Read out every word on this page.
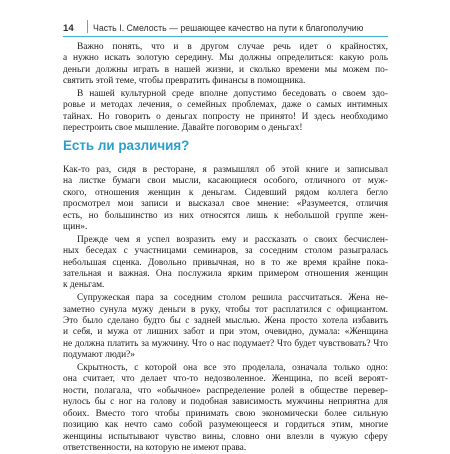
14 Часть I. Смелость — решающее качество на пути к благополучию
Важно понять, что и в другом случае речь идет о крайностях,
а нужно искать золотую середину. Мы должны определиться: какую роль
деньги должны играть в нашей жизни, и сколько времени мы можем по-
святить этой теме, чтобы превратить финансы в помощника.
В нашей культурной среде вполне допустимо беседовать о своем здо-
ровье и методах лечения, о семейных проблемах, даже о самых интимных
тайнах. Но говорить о деньгах попросту не принято! И здесь необходимо
перестроить свое мышление. Давайте поговорим о деньгах!
Есть ли различия?
Как-то раз, сидя в ресторане, я размышлял об этой книге и записывал
на листке бумаги свои мысли, касающиеся особого, отличного от муж-
ского, отношения женщин к деньгам. Сидевший рядом коллега бегло
просмотрел мои записи и высказал свое мнение: «Разумеется, отличия
есть, но большинство из них относятся лишь к небольшой группе жен-
щин».
Прежде чем я успел возразить ему и рассказать о своих бесчислен-
ных беседах с участницами семинаров, за соседним столом разыгралась
небольшая сценка. Довольно привычная, но в то же время крайне пока-
зательная и важная. Она послужила ярким примером отношения женщин
к деньгам.
Супружеская пара за соседним столом решила рассчитаться. Жена не-
заметно сунула мужу деньги в руку, чтобы тот расплатился с официантом.
Это было сделано будто бы с задней мыслью. Жена просто хотела избавить
и себя, и мужа от лишних забот и при этом, очевидно, думала: «Женщина
не должна платить за мужчину. Что о нас подумает? Что будет чувствовать? Что
подумают люди?»
Скрытность, с которой она все это проделала, означала только одно:
она считает, что делает что-то недозволенное. Женщина, по всей вероят-
ности, полагала, что «обычное» распределение ролей в обществе перевер-
нулось бы с ног на голову и подобная зависимость мужчины неприятна для
обоих. Вместо того чтобы принимать свою экономически более сильную
позицию как нечто само собой разумеющееся и гордиться этим, многие
женщины испытывают чувство вины, словно они влезли в чужую сферу
ответственности, на которую не имеют права.
